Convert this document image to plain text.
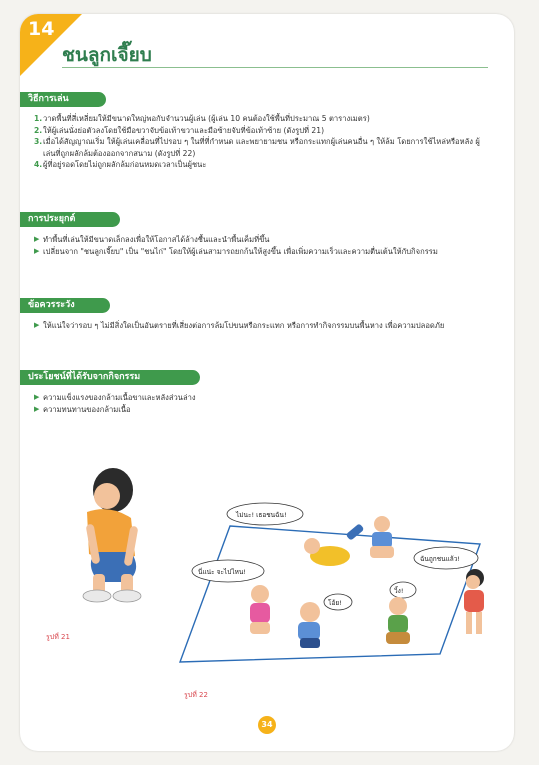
14
ชนลูกเจี๊ยบ
วิธีการเล่น
1. วาดพื้นที่สี่เหลี่ยมให้มีขนาดใหญ่พอกับจำนวนผู้เล่น (ผู้เล่น 10 คนต้องใช้พื้นที่ประมาณ 5 ตารางเมตร)
2. ให้ผู้เล่นนั่งย่อตัวลงโดยใช้มือขวาจับข้อเท้าขวาและมือซ้ายจับที่ข้อเท้าซ้าย (ดังรูปที่ 21)
3. เมื่อได้สัญญาณเริ่ม ให้ผู้เล่นเคลื่อนที่ไปรอบ ๆ ในที่ที่กำหนด และพยายามชน หรือกระแทกผู้เล่นคนอื่น ๆ ให้ล้ม โดยการใช้ไหล่หรือหลัง ผู้เล่นที่ถูกผลักล้มต้องออกจากสนาม (ดังรูปที่ 22)
4. ผู้ที่อยู่รอดโดยไม่ถูกผลักล้มก่อนหมดเวลาเป็นผู้ชนะ
การประยุกต์
▶ ทำพื้นที่เล่นให้มีขนาดเล็กลงเพื่อให้โอกาสได้ล้างชื้นและนำพื้นเค็มที่ขึ้น
▶ เปลี่ยนจาก "ชนลูกเจี๊ยบ" เป็น "ชนไก่" โดยให้ผู้เล่นสามารถยกก้นให้สูงขึ้น เพื่อเพิ่มความเร็วและความตื่นเต้นให้กับกิจกรรม
ข้อควรระวัง
▶ ให้แน่ใจว่ารอบ ๆ ไม่มีสิ่งใดเป็นอันตรายที่เสี่ยงต่อการล้มโปขนหรือกระแทก หรือการทำกิจกรรมบนพื้นหาง เพื่อความปลอดภัย
ประโยชน์ที่ได้รับจากกิจกรรม
▶ ความแข็งแรงของกล้ามเนื้อขาและหลังส่วนล่าง
▶ ความทนทานของกล้ามเนื้อ
รูปที่ 21
ไม่นะ! เธอชนฉัน!
นี่แน่ะ จะไปไหน!
โอ้ย!
วิ้ง!
ฉันถูกชนแล้ว!
รูปที่ 22
34
